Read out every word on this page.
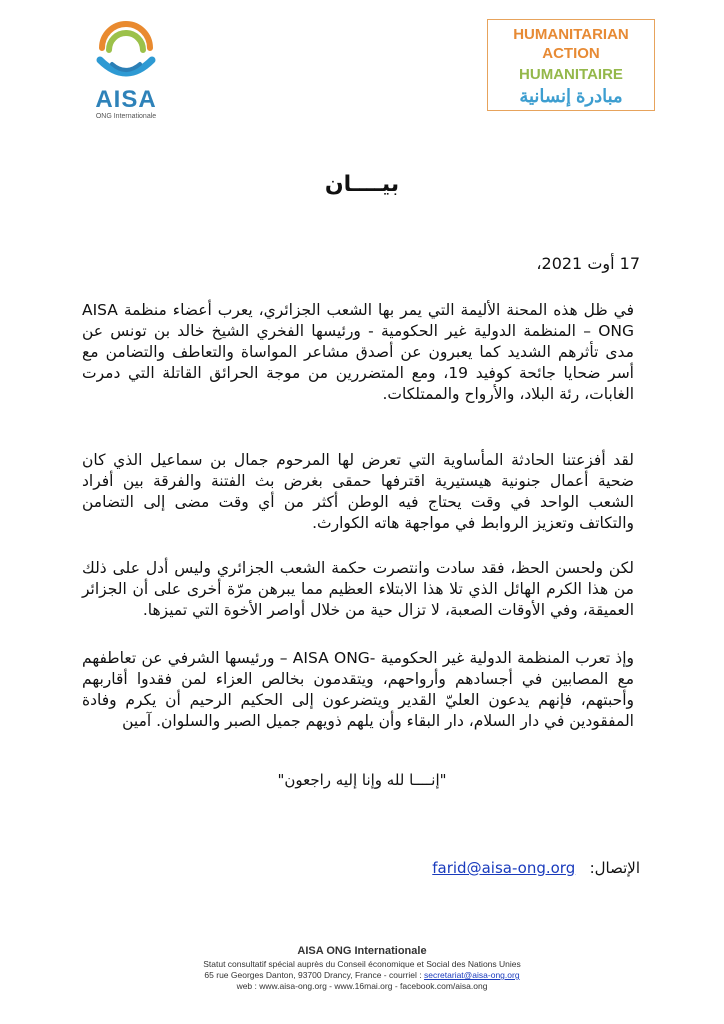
AISA
ONG Internationale
HUMANITARIAN
ACTION
HUMANITAIRE
مبادرة إنسانية
بيــــان
17 أوت 2021،
في ظل هذه المحنة الأليمة التي يمر بها الشعب الجزائري، يعرب أعضاء منظمة AISA ONG – المنظمة الدولية غير الحكومية - ورئيسها الفخري الشيخ خالد بن تونس عن مدى تأثرهم الشديد كما يعبرون عن أصدق مشاعر المواساة والتعاطف والتضامن مع أسر ضحايا جائحة كوفيد 19، ومع المتضررين من موجة الحرائق القاتلة التي دمرت الغابات، رئة البلاد، والأرواح والممتلكات.
لقد أفزعتنا الحادثة المأساوية التي تعرض لها المرحوم جمال بن سماعيل الذي كان ضحية أعمال جنونية هيستيرية اقترفها حمقى بغرض بث الفتنة والفرقة بين أفراد الشعب الواحد في وقت يحتاج فيه الوطن أكثر من أي وقت مضى إلى التضامن والتكاتف وتعزيز الروابط في مواجهة هاته الكوارث.
لكن ولحسن الحظ، فقد سادت وانتصرت حكمة الشعب الجزائري وليس أدل على ذلك من هذا الكرم الهائل الذي تلا هذا الابتلاء العظيم مما يبرهن مرّة أخرى على أن الجزائر العميقة، وفي الأوقات الصعبة، لا تزال حية من خلال أواصر الأخوة التي تميزها.
وإذ تعرب المنظمة الدولية غير الحكومية -AISA ONG – ورئيسها الشرفي عن تعاطفهم مع المصابين في أجسادهم وأرواحهم، ويتقدمون بخالص العزاء لمن فقدوا أقاربهم وأحبتهم، فإنهم يدعون العليّ القدير ويتضرعون إلى الحكيم الرحيم أن يكرم وفادة المفقودين في دار السلام، دار البقاء وأن يلهم ذويهم جميل الصبر والسلوان. آمين
"إنــــا لله وإنا إليه راجعون"
الإتصال:   farid@aisa-ong.org
AISA ONG Internationale
Statut consultatif spécial auprès du Conseil économique et Social des Nations Unies
65 rue Georges Danton, 93700 Drancy, France - courriel : secretariat@aisa-ong.org
web : www.aisa-ong.org - www.16mai.org - facebook.com/aisa.ong
